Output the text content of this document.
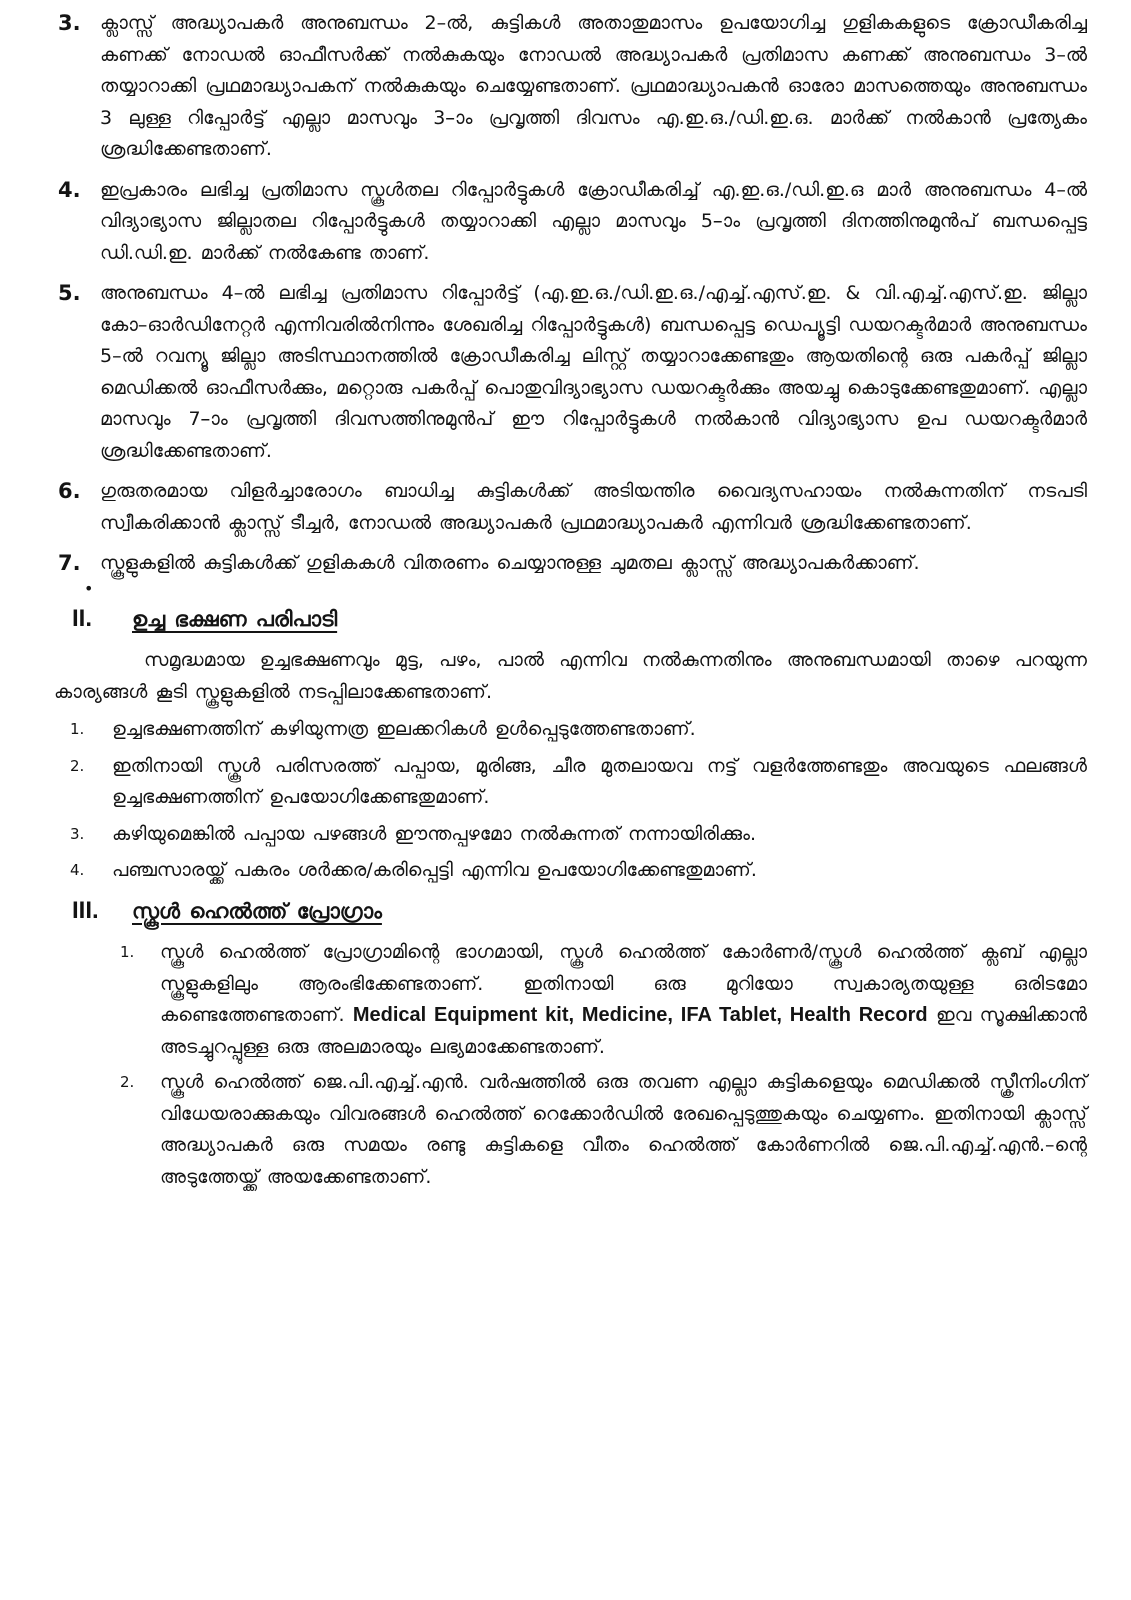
3.	ക്ലാസ്സ് അദ്ധ്യാപകർ അനുബന്ധം 2–ൽ, കുട്ടികൾ അതാതുമാസം ഉപയോഗിച്ച ഗുളികകളുടെ ക്രോഡീകരിച്ച കണക്ക് നോഡൽ ഓഫീസർക്ക് നൽകുകയും നോഡൽ അദ്ധ്യാപകർ പ്രതിമാസ കണക്ക് അനുബന്ധം 3–ൽ തയ്യാറാക്കി പ്രഥമാദ്ധ്യാപകന് നൽകുകയും ചെയ്യേണ്ടതാണ്. പ്രഥമാദ്ധ്യാപകൻ ഓരോ മാസത്തെയും അനുബന്ധം 3 ലുള്ള റിപ്പോർട്ട് എല്ലാ മാസവും 3–ാം പ്രവൃത്തി ദിവസം എ.ഇ.ഒ./ഡി.ഇ.ഒ. മാർക്ക് നൽകാൻ പ്രത്യേകം ശ്രദ്ധിക്കേണ്ടതാണ്.
4.	ഇപ്രകാരം ലഭിച്ച പ്രതിമാസ സ്കൂൾതല റിപ്പോർട്ടുകൾ ക്രോഡീകരിച്ച് എ.ഇ.ഒ./ഡി.ഇ.ഒ മാർ അനുബന്ധം 4–ൽ വിദ്യാഭ്യാസ ജില്ലാതല റിപ്പോർട്ടുകൾ തയ്യാറാക്കി എല്ലാ മാസവും 5–ാം പ്രവൃത്തി ദിനത്തിനുമുൻപ് ബന്ധപ്പെട്ട ഡി.ഡി.ഇ. മാർക്ക് നൽകേണ്ട താണ്.
5.	അനുബന്ധം 4–ൽ ലഭിച്ച പ്രതിമാസ റിപ്പോർട്ട് (എ.ഇ.ഒ./ഡി.ഇ.ഒ./എച്ച്.എസ്.ഇ. & വി.എച്ച്.എസ്.ഇ. ജില്ലാ കോ–ഓർഡിനേറ്റർ എന്നിവരിൽനിന്നും ശേഖരിച്ച റിപ്പോർട്ടുകൾ) ബന്ധപ്പെട്ട ഡെപ്യൂട്ടി ഡയറക്ടർമാർ അനുബന്ധം 5–ൽ റവന്യൂ ജില്ലാ അടിസ്ഥാനത്തിൽ ക്രോഡീകരിച്ച ലിസ്റ്റ് തയ്യാറാക്കേണ്ടതും ആയതിന്റെ ഒരു പകർപ്പ് ജില്ലാ മെഡിക്കൽ ഓഫീസർക്കും, മറ്റൊരു പകർപ്പ് പൊതുവിദ്യാഭ്യാസ ഡയറക്ടർക്കും അയച്ചു കൊടുക്കേണ്ടതുമാണ്. എല്ലാ മാസവും 7–ാം പ്രവൃത്തി ദിവസത്തിനുമുൻപ് ഈ റിപ്പോർട്ടുകൾ നൽകാൻ വിദ്യാഭ്യാസ ഉപ ഡയറക്ടർമാർ ശ്രദ്ധിക്കേണ്ടതാണ്.
6.	ഗുരുതരമായ വിളർച്ചാരോഗം ബാധിച്ച കുട്ടികൾക്ക് അടിയന്തിര വൈദ്യസഹായം നൽകുന്നതിന് നടപടി സ്വീകരിക്കാൻ ക്ലാസ്സ് ടീച്ചർ, നോഡൽ അദ്ധ്യാപകർ പ്രഥമാദ്ധ്യാപകർ എന്നിവർ ശ്രദ്ധിക്കേണ്ടതാണ്.
7.	സ്കൂളുകളിൽ കുട്ടികൾക്ക് ഗുളികകൾ വിതരണം ചെയ്യാനുള്ള ചുമതല ക്ലാസ്സ് അദ്ധ്യാപകർക്കാണ്.
•
II.	ഉച്ച ഭക്ഷണ പരിപാടി
സമൃദ്ധമായ ഉച്ചഭക്ഷണവും മുട്ട, പഴം, പാൽ എന്നിവ നൽകുന്നതിനും അനുബന്ധമായി താഴെ പറയുന്ന കാര്യങ്ങൾ കൂടി സ്കൂളുകളിൽ നടപ്പിലാക്കേണ്ടതാണ്.
1.	ഉച്ചഭക്ഷണത്തിന് കഴിയുന്നത്ര ഇലക്കറികൾ ഉൾപ്പെടുത്തേണ്ടതാണ്.
2.	ഇതിനായി സ്കൂൾ പരിസരത്ത് പപ്പായ, മുരിങ്ങ, ചീര മുതലായവ നട്ട് വളർത്തേണ്ടതും അവയുടെ ഫലങ്ങൾ ഉച്ചഭക്ഷണത്തിന് ഉപയോഗിക്കേണ്ടതുമാണ്.
3.	കഴിയുമെങ്കിൽ പപ്പായ പഴങ്ങൾ ഈന്തപ്പഴമോ നൽകുന്നത് നന്നായിരിക്കും.
4.	പഞ്ചസാരയ്ക്ക് പകരം ശർക്കര/കരിപ്പെട്ടി എന്നിവ ഉപയോഗിക്കേണ്ടതുമാണ്.
III.	സ്കൂൾ ഹെൽത്ത് പ്രോഗ്രാം
1.	സ്കൂൾ ഹെൽത്ത് പ്രോഗ്രാമിന്റെ ഭാഗമായി, സ്കൂൾ ഹെൽത്ത് കോർണർ/സ്കൂൾ ഹെൽത്ത് ക്ലബ് എല്ലാ സ്കൂളുകളിലും ആരംഭിക്കേണ്ടതാണ്. ഇതിനായി ഒരു മുറിയോ സ്വകാര്യതയുള്ള ഒരിടമോ കണ്ടെത്തേണ്ടതാണ്. Medical Equipment kit, Medicine, IFA Tablet, Health Record ഇവ സൂക്ഷിക്കാൻ അടച്ചുറപ്പുള്ള ഒരു അലമാരയും ലഭ്യമാക്കേണ്ടതാണ്.
2.	സ്കൂൾ ഹെൽത്ത് ജെ.പി.എച്ച്.എൻ. വർഷത്തിൽ ഒരു തവണ എല്ലാ കുട്ടികളെയും മെഡിക്കൽ സ്ക്രീനിംഗിന് വിധേയരാക്കുകയും വിവരങ്ങൾ ഹെൽത്ത് റെക്കോർഡിൽ രേഖപ്പെടുത്തുകയും ചെയ്യണം. ഇതിനായി ക്ലാസ്സ് അദ്ധ്യാപകർ ഒരു സമയം രണ്ടു കുട്ടികളെ വീതം ഹെൽത്ത് കോർണറിൽ ജെ.പി.എച്ച്.എൻ.–ന്റെ അടുത്തേയ്ക്ക് അയക്കേണ്ടതാണ്.
